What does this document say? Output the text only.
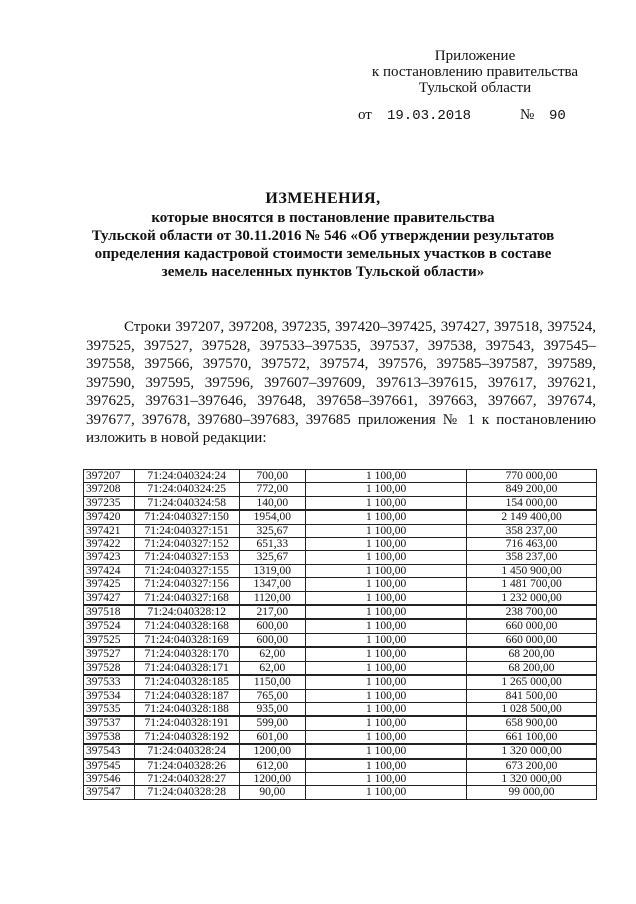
Приложение
к постановлению правительства
Тульской области
от 19.03.2018	№ 90
ИЗМЕНЕНИЯ,
которые вносятся в постановление правительства
Тульской области от 30.11.2016 № 546 «Об утверждении результатов
определения кадастровой стоимости земельных участков в составе
земель населенных пунктов Тульской области»
Строки 397207, 397208, 397235, 397420–397425, 397427, 397518, 397524, 397525, 397527, 397528, 397533–397535, 397537, 397538, 397543, 397545–397558, 397566, 397570, 397572, 397574, 397576, 397585–397587, 397589, 397590, 397595, 397596, 397607–397609, 397613–397615, 397617, 397621, 397625, 397631–397646, 397648, 397658–397661, 397663, 397667, 397674, 397677, 397678, 397680–397683, 397685 приложения № 1 к постановлению изложить в новой редакции:
397207	71:24:040324:24	700,00	1 100,00	770 000,00
397208	71:24:040324:25	772,00	1 100,00	849 200,00
397235	71:24:040324:58	140,00	1 100,00	154 000,00
397420	71:24:040327:150	1954,00	1 100,00	2 149 400,00
397421	71:24:040327:151	325,67	1 100,00	358 237,00
397422	71:24:040327:152	651,33	1 100,00	716 463,00
397423	71:24:040327:153	325,67	1 100,00	358 237,00
397424	71:24:040327:155	1319,00	1 100,00	1 450 900,00
397425	71:24:040327:156	1347,00	1 100,00	1 481 700,00
397427	71:24:040327:168	1120,00	1 100,00	1 232 000,00
397518	71:24:040328:12	217,00	1 100,00	238 700,00
397524	71:24:040328:168	600,00	1 100,00	660 000,00
397525	71:24:040328:169	600,00	1 100,00	660 000,00
397527	71:24:040328:170	62,00	1 100,00	68 200,00
397528	71:24:040328:171	62,00	1 100,00	68 200,00
397533	71:24:040328:185	1150,00	1 100,00	1 265 000,00
397534	71:24:040328:187	765,00	1 100,00	841 500,00
397535	71:24:040328:188	935,00	1 100,00	1 028 500,00
397537	71:24:040328:191	599,00	1 100,00	658 900,00
397538	71:24:040328:192	601,00	1 100,00	661 100,00
397543	71:24:040328:24	1200,00	1 100,00	1 320 000,00
397545	71:24:040328:26	612,00	1 100,00	673 200,00
397546	71:24:040328:27	1200,00	1 100,00	1 320 000,00
397547	71:24:040328:28	90,00	1 100,00	99 000,00
